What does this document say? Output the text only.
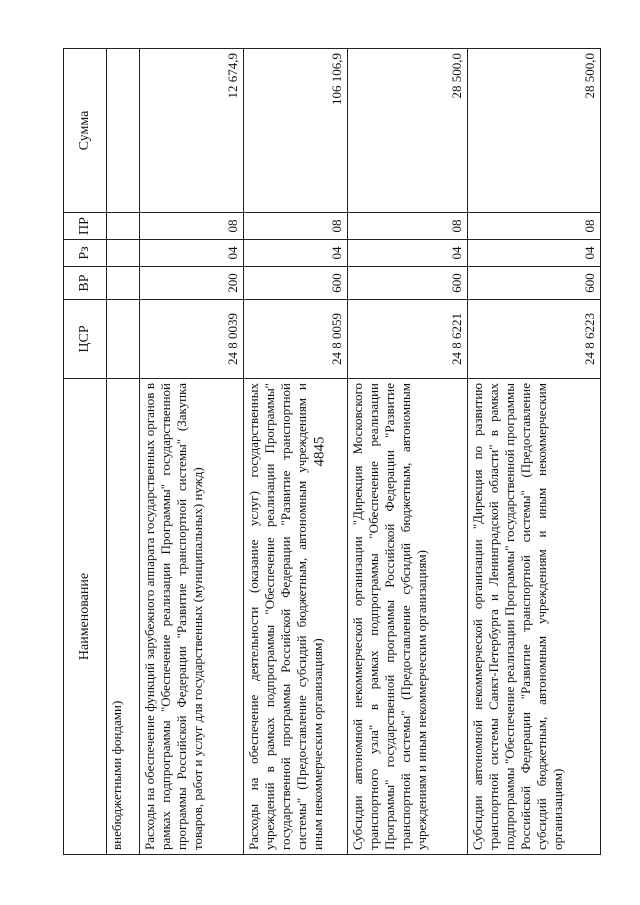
4845
Наименование	ЦСР	ВР	Рз	ПР	Сумма
внебюджетными фондами)					
Расходы на обеспечение функций зарубежного аппарата государственных органов в рамках подпрограммы "Обеспечение реализации Программы" государственной программы Российской Федерации "Развитие транспортной системы" (Закупка товаров, работ и услуг для государственных (муниципальных) нужд)	24 8 0039	200	04	08	12 674,9
Расходы на обеспечение деятельности (оказание услуг) государственных учреждений в рамках подпрограммы "Обеспечение реализации Программы" государственной программы Российской Федерации "Развитие транспортной системы" (Предоставление субсидий бюджетным, автономным учреждениям и иным некоммерческим организациям)	24 8 0059	600	04	08	106 106,9
Субсидии автономной некоммерческой организации "Дирекция Московского транспортного узла" в рамках подпрограммы "Обеспечение реализации Программы" государственной программы Российской Федерации "Развитие транспортной системы" (Предоставление субсидий бюджетным, автономным учреждениям и иным некоммерческим организациям)	24 8 6221	600	04	08	28 500,0
Субсидии автономной некоммерческой организации "Дирекция по развитию транспортной системы Санкт-Петербурга и Ленинградской области" в рамках подпрограммы "Обеспечение реализации Программы" государственной программы Российской Федерации "Развитие транспортной системы" (Предоставление субсидий бюджетным, автономным учреждениям и иным некоммерческим организациям)	24 8 6223	600	04	08	28 500,0
